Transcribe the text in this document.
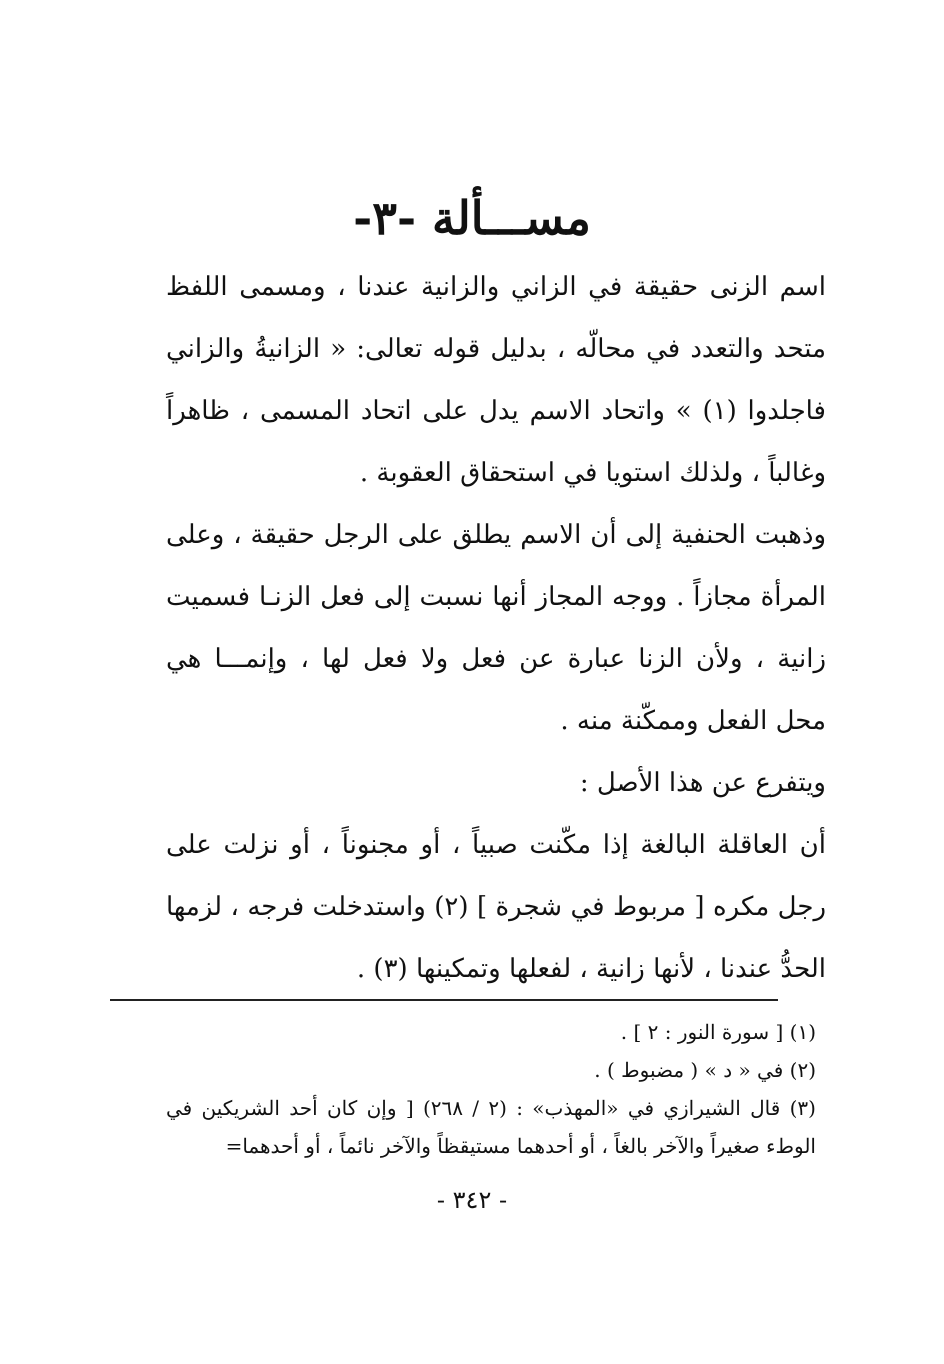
مســـألة -٣-

اسم الزنى حقيقة في الزاني والزانية عندنا ، ومسمى اللفظ متحد والتعدد في محالّه ، بدليل قوله تعالى: « الزانيةُ والزاني فاجلدوا (١) » واتحاد الاسم يدل على اتحاد المسمى ، ظاهراً وغالباً ، ولذلك استويا في استحقاق العقوبة .

وذهبت الحنفية إلى أن الاسم يطلق على الرجل حقيقة ، وعلى المرأة مجازاً . ووجه المجاز أنها نسبت إلى فعل الزنـا فسميت زانية ، ولأن الزنا عبارة عن فعل ولا فعل لها ، وإنمـــا هي محل الفعل وممكّنة منه .

ويتفرع عن هذا الأصل :

أن العاقلة البالغة إذا مكّنت صبياً ، أو مجنوناً ، أو نزلت على رجل مكره [ مربوط في شجرة ] (٢) واستدخلت فرجه ، لزمها الحدُّ عندنا ، لأنها زانية ، لفعلها وتمكينها (٣) .

(١) [ سورة النور : ٢ ] .

(٢) في « د » ( مضبوط ) .

(٣) قال الشيرازي في «المهذب» : (٢ / ٢٦٨) [ وإن كان أحد الشريكين في الوطء صغيراً والآخر بالغاً ، أو أحدهما مستيقظاً والآخر نائماً ، أو أحدهما=

- ٣٤٢ -
